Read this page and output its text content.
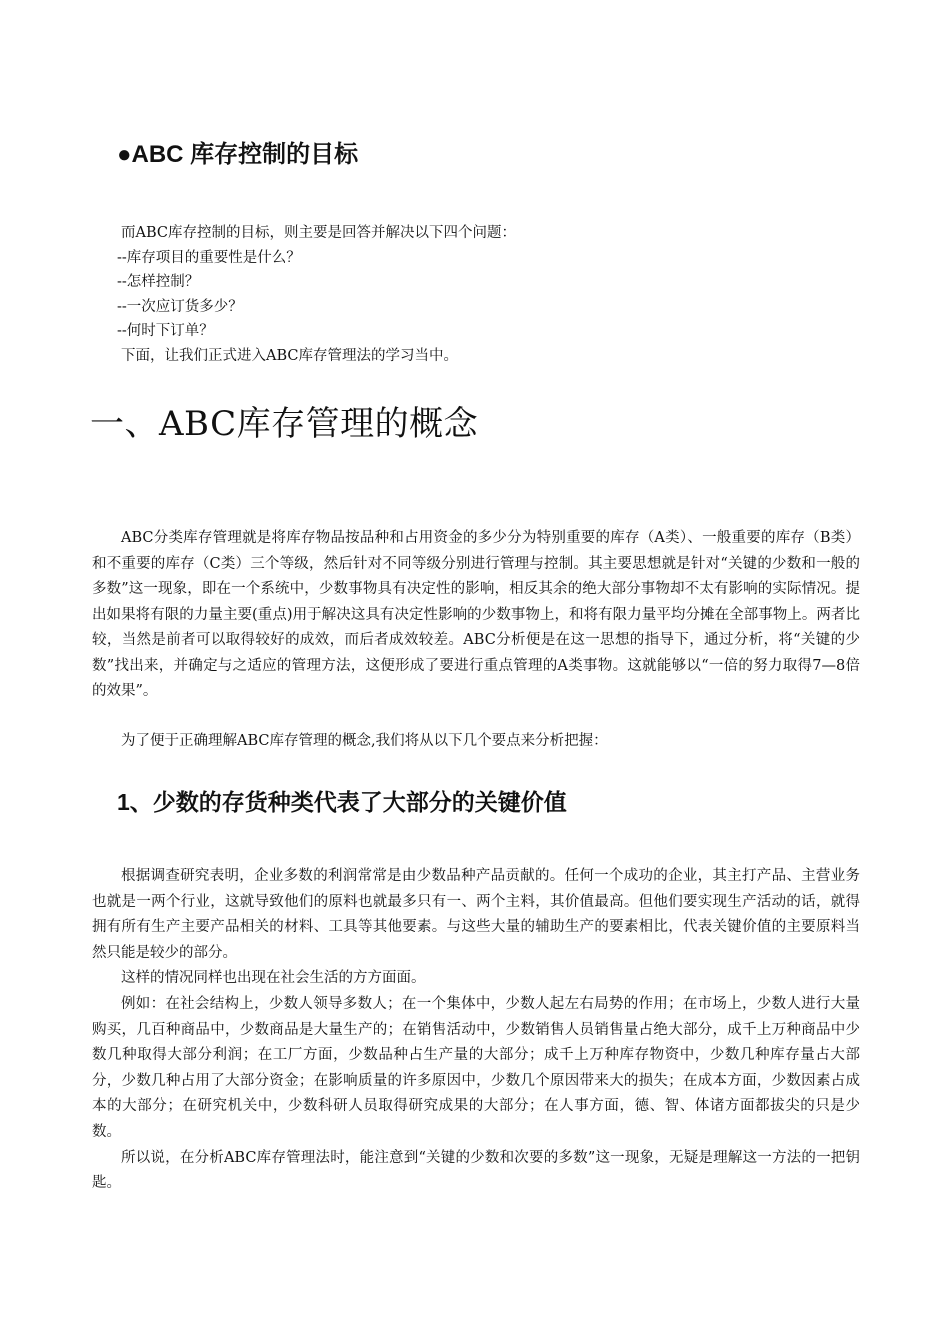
●ABC 库存控制的目标

而ABC库存控制的目标，则主要是回答并解决以下四个问题：

--库存项目的重要性是什么？

--怎样控制？

--一次应订货多少？

--何时下订单？

下面，让我们正式进入ABC库存管理法的学习当中。

一、ABC库存管理的概念

ABC分类库存管理就是将库存物品按品种和占用资金的多少分为特别重要的库存（A类）、一般重要的库存（B类）和不重要的库存（C类）三个等级，然后针对不同等级分别进行管理与控制。其主要思想就是针对“关键的少数和一般的多数”这一现象，即在一个系统中，少数事物具有决定性的影响，相反其余的绝大部分事物却不太有影响的实际情况。提出如果将有限的力量主要(重点)用于解决这具有决定性影响的少数事物上，和将有限力量平均分摊在全部事物上。两者比较，当然是前者可以取得较好的成效，而后者成效较差。ABC分析便是在这一思想的指导下，通过分析，将“关键的少数”找出来，并确定与之适应的管理方法，这便形成了要进行重点管理的A类事物。这就能够以“一倍的努力取得7—8倍的效果”。

为了便于正确理解ABC库存管理的概念,我们将从以下几个要点来分析把握：

1、少数的存货种类代表了大部分的关键价值

根据调查研究表明，企业多数的利润常常是由少数品种产品贡献的。任何一个成功的企业，其主打产品、主营业务也就是一两个行业，这就导致他们的原料也就最多只有一、两个主料，其价值最高。但他们要实现生产活动的话，就得拥有所有生产主要产品相关的材料、工具等其他要素。与这些大量的辅助生产的要素相比，代表关键价值的主要原料当然只能是较少的部分。

这样的情况同样也出现在社会生活的方方面面。

例如：在社会结构上，少数人领导多数人；在一个集体中，少数人起左右局势的作用；在市场上，少数人进行大量购买，几百种商品中，少数商品是大量生产的；在销售活动中，少数销售人员销售量占绝大部分，成千上万种商品中少数几种取得大部分利润；在工厂方面，少数品种占生产量的大部分；成千上万种库存物资中，少数几种库存量占大部分，少数几种占用了大部分资金；在影响质量的许多原因中，少数几个原因带来大的损失；在成本方面，少数因素占成本的大部分；在研究机关中，少数科研人员取得研究成果的大部分；在人事方面，德、智、体诸方面都拔尖的只是少数。

所以说，在分析ABC库存管理法时，能注意到“关键的少数和次要的多数”这一现象，无疑是理解这一方法的一把钥匙。
